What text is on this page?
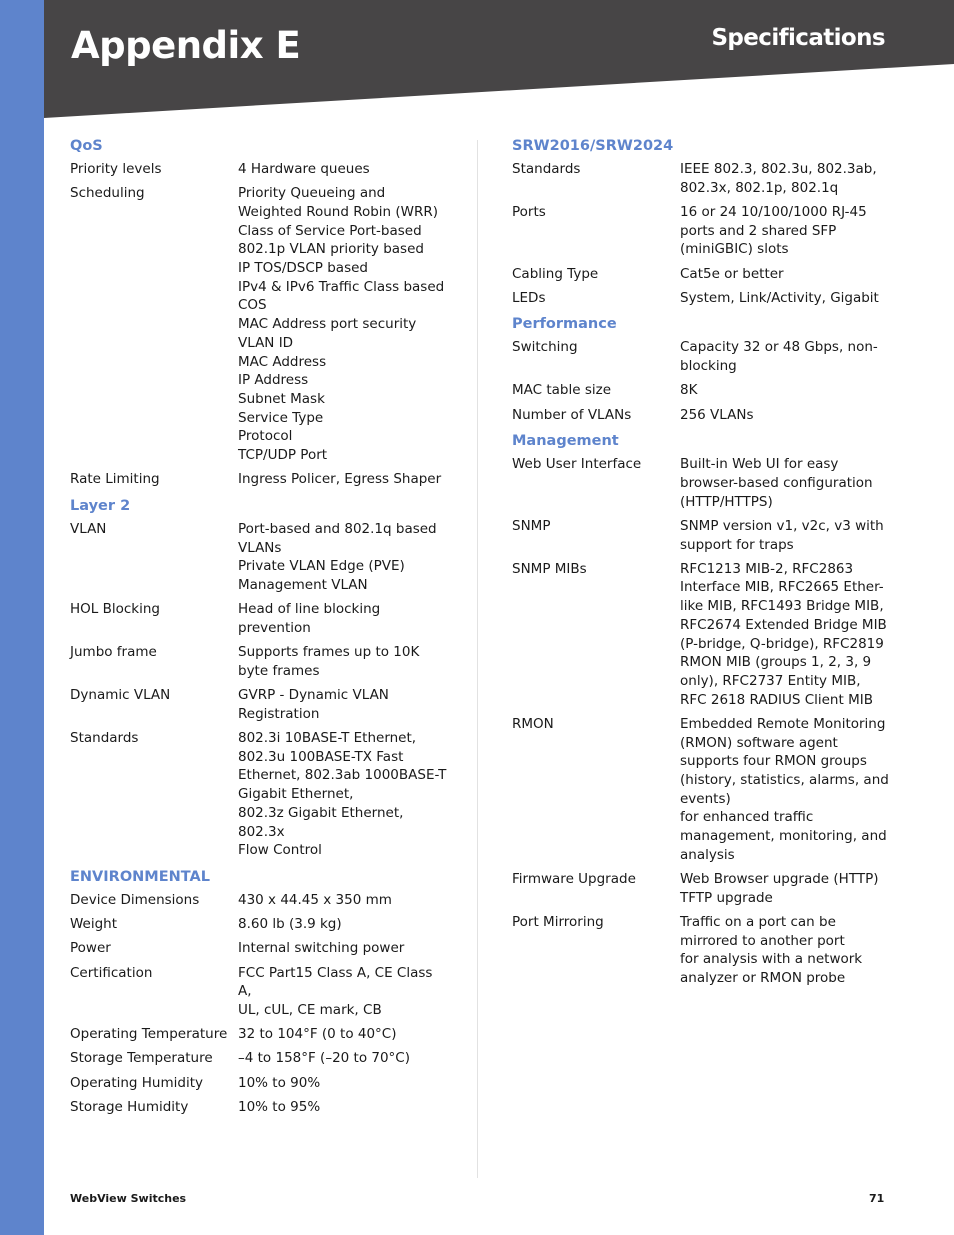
Appendix E	Specifications
QoS
Priority levels	4 Hardware queues
Scheduling	Priority Queueing and
Weighted Round Robin (WRR)
Class of Service Port-based
802.1p VLAN priority based
IP TOS/DSCP based
IPv4 & IPv6 Traffic Class based
COS
MAC Address port security
VLAN ID
MAC Address
IP Address
Subnet Mask
Service Type
Protocol
TCP/UDP Port
Rate Limiting	Ingress Policer, Egress Shaper
Layer 2
VLAN	Port-based and 802.1q based
VLANs
Private VLAN Edge (PVE)
Management VLAN
HOL Blocking	Head of line blocking
prevention
Jumbo frame	Supports frames up to 10K
byte frames
Dynamic VLAN	GVRP - Dynamic VLAN
Registration
Standards	802.3i 10BASE-T Ethernet,
802.3u 100BASE-TX Fast
Ethernet, 802.3ab 1000BASE-T
Gigabit Ethernet,
802.3z Gigabit Ethernet, 802.3x
Flow Control
ENVIRONMENTAL
Device Dimensions	430 x 44.45 x 350 mm
Weight	8.60 lb (3.9 kg)
Power	Internal switching power
Certification	FCC Part15 Class A, CE Class A,
UL, cUL, CE mark, CB
Operating Temperature 32 to 104°F (0 to 40°C)
Storage Temperature	–4 to 158°F (–20 to 70°C)
Operating Humidity	10% to 90%
Storage Humidity	10% to 95%
SRW2016/SRW2024
Standards	IEEE 802.3, 802.3u, 802.3ab,
802.3x, 802.1p, 802.1q
Ports	16 or 24 10/100/1000 RJ-45
ports and 2 shared SFP
(miniGBIC) slots
Cabling Type	Cat5e or better
LEDs	System, Link/Activity, Gigabit
Performance
Switching	Capacity 32 or 48 Gbps, non-
blocking
MAC table size	8K
Number of VLANs	256 VLANs
Management
Web User Interface	Built-in Web UI for easy
browser-based configuration
(HTTP/HTTPS)
SNMP	SNMP version v1, v2c, v3 with
support for traps
SNMP MIBs	RFC1213 MIB-2, RFC2863
Interface MIB, RFC2665 Ether-
like MIB, RFC1493 Bridge MIB,
RFC2674 Extended Bridge MIB
(P-bridge, Q-bridge), RFC2819
RMON MIB (groups 1, 2, 3, 9
only), RFC2737 Entity MIB,
RFC 2618 RADIUS Client MIB
RMON	Embedded Remote Monitoring
(RMON) software agent
supports four RMON groups
(history, statistics, alarms, and
events)
for enhanced traffic
management, monitoring, and
analysis
Firmware Upgrade	Web Browser upgrade (HTTP)
TFTP upgrade
Port Mirroring	Traffic on a port can be
mirrored to another port
for analysis with a network
analyzer or RMON probe
WebView Switches	71
